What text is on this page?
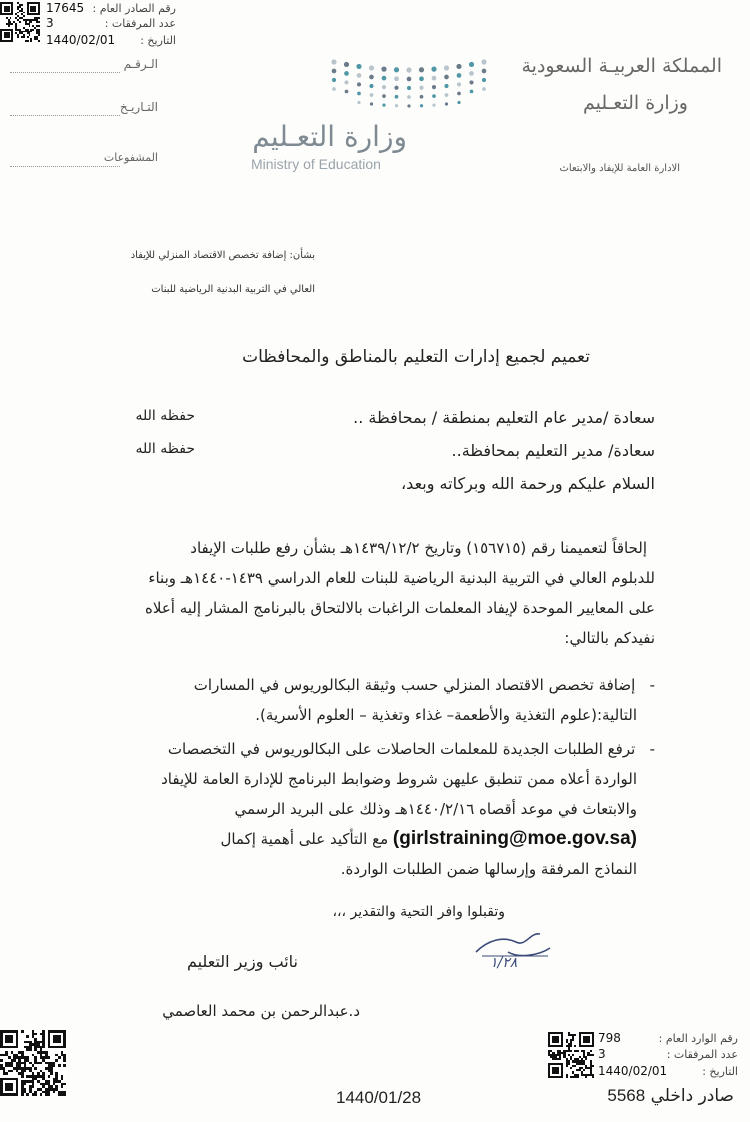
رقم الصادر العام :
17645
عدد المرفقات :
3
التاريخ :
1440/02/01
الـرقـم
التـاريـخ
المشفوعات
وزارة التعـليم
Ministry of Education
المملكة العربيـة السعودية
وزارة التعـليم
الادارة العامة للإيفاد والابتعاث
بشأن: إضافة تخصص الاقتصاد المنزلي للإيفاد
العالي في التربية البدنية الرياضية للبنات
تعميم لجميع إدارات التعليم بالمناطق والمحافظات
سعادة /مدير عام التعليم بمنطقة / بمحافظة ..
حفظه الله
سعادة/ مدير التعليم بمحافظة..
حفظه الله
السلام عليكم ورحمة الله وبركاته وبعد،
إلحاقاً لتعميمنا رقم (١٥٦٧١٥) وتاريخ ١٤٣٩/١٢/٢هـ بشأن رفع طلبات الإيفاد
للدبلوم العالي في التربية البدنية الرياضية للبنات للعام الدراسي ١٤٣٩-١٤٤٠هـ وبناء
على المعايير الموحدة لإيفاد المعلمات الراغبات بالالتحاق بالبرنامج المشار إليه أعلاه
نفيدكم بالتالي:
-   إضافة تخصص الاقتصاد المنزلي حسب وثيقة البكالوريوس في المسارات
التالية:(علوم التغذية والأطعمة– غذاء وتغذية – العلوم الأسرية).
-   ترفع الطلبات الجديدة للمعلمات الحاصلات على البكالوريوس في التخصصات
الواردة أعلاه ممن تنطبق عليهن شروط وضوابط البرنامج للإدارة العامة للإيفاد
والابتعاث في موعد أقصاه ١٤٤٠/٢/١٦هـ وذلك على البريد الرسمي
(girlstraining@moe.gov.sa) مع التأكيد على أهمية إكمال
النماذج المرفقة وإرسالها ضمن الطلبات الواردة.
وتقبلوا وافر التحية والتقدير ،،،
١/٢٨
نائب وزير التعليم
د.عبدالرحمن بن محمد العاصمي
رقم الوارد العام :
798
عدد المرفقات :
3
التاريخ :
1440/02/01
1440/01/28	صادر داخلي 5568
